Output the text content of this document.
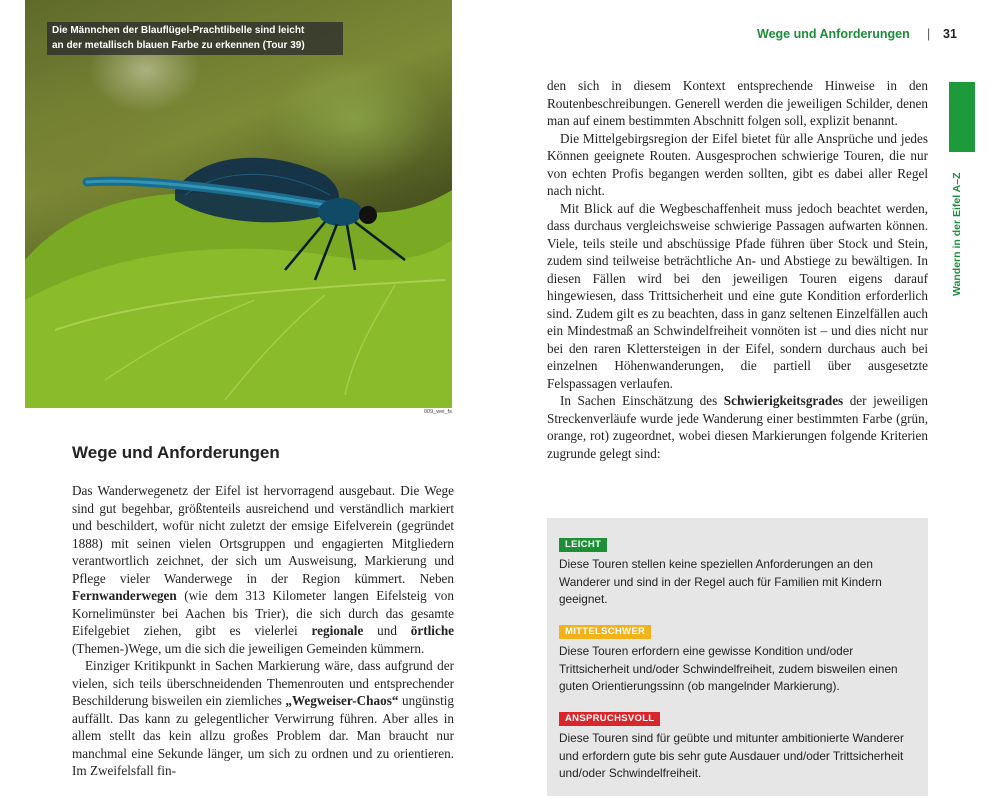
Die Männchen der Blauflügel-Prachtlibelle sind leicht
an der metallisch blauen Farbe zu erkennen (Tour 39)
009_wei_fs
Wege und Anforderungen | 31
Wandern in der Eifel A–Z
Wege und Anforderungen

Das Wanderwegenetz der Eifel ist hervorragend ausgebaut. Die Wege sind gut begehbar, größtenteils ausreichend und verständlich markiert und beschildert, wofür nicht zuletzt der emsige Eifelverein (gegründet 1888) mit seinen vielen Ortsgruppen und engagierten Mitgliedern verantwortlich zeichnet, der sich um Ausweisung, Markierung und Pflege vieler Wanderwege in der Region kümmert. Neben Fernwanderwegen (wie dem 313 Kilometer langen Eifelsteig von Kornelimünster bei Aachen bis Trier), die sich durch das gesamte Eifelgebiet ziehen, gibt es vielerlei regionale und örtliche (Themen-)Wege, um die sich die jeweiligen Gemeinden kümmern.

Einziger Kritikpunkt in Sachen Markierung wäre, dass aufgrund der vielen, sich teils überschneidenden Themenrouten und entsprechender Beschilderung bisweilen ein ziemliches „Wegweiser-Chaos“ ungünstig auffällt. Das kann zu gelegentlicher Verwirrung führen. Aber alles in allem stellt das kein allzu großes Problem dar. Man braucht nur manchmal eine Sekunde länger, um sich zu ordnen und zu orientieren. Im Zweifelsfall fin-

den sich in diesem Kontext entsprechende Hinweise in den Routenbeschreibungen. Generell werden die jeweiligen Schilder, denen man auf einem bestimmten Abschnitt folgen soll, explizit benannt.

Die Mittelgebirgsregion der Eifel bietet für alle Ansprüche und jedes Können geeignete Routen. Ausgesprochen schwierige Touren, die nur von echten Profis begangen werden sollten, gibt es dabei aller Regel nach nicht.

Mit Blick auf die Wegbeschaffenheit muss jedoch beachtet werden, dass durchaus vergleichsweise schwierige Passagen aufwarten können. Viele, teils steile und abschüssige Pfade führen über Stock und Stein, zudem sind teilweise beträchtliche An- und Abstiege zu bewältigen. In diesen Fällen wird bei den jeweiligen Touren eigens darauf hingewiesen, dass Trittsicherheit und eine gute Kondition erforderlich sind. Zudem gilt es zu beachten, dass in ganz seltenen Einzelfällen auch ein Mindestmaß an Schwindelfreiheit vonnöten ist – und dies nicht nur bei den raren Klettersteigen in der Eifel, sondern durchaus auch bei einzelnen Höhenwanderungen, die partiell über ausgesetzte Felspassagen verlaufen.

In Sachen Einschätzung des Schwierigkeitsgrades der jeweiligen Streckenverläufe wurde jede Wanderung einer bestimmten Farbe (grün, orange, rot) zugeordnet, wobei diesen Markierungen folgende Kriterien zugrunde gelegt sind:

LEICHT
Diese Touren stellen keine speziellen Anforderungen an den Wanderer und sind in der Regel auch für Familien mit Kindern geeignet.
MITTELSCHWER
Diese Touren erfordern eine gewisse Kondition und/oder Trittsicherheit und/oder Schwindelfreiheit, zudem bisweilen einen guten Orientierungssinn (ob mangelnder Markierung).
ANSPRUCHSVOLL
Diese Touren sind für geübte und mitunter ambitionierte Wanderer und erfordern gute bis sehr gute Ausdauer und/oder Trittsicherheit und/oder Schwindelfreiheit.
